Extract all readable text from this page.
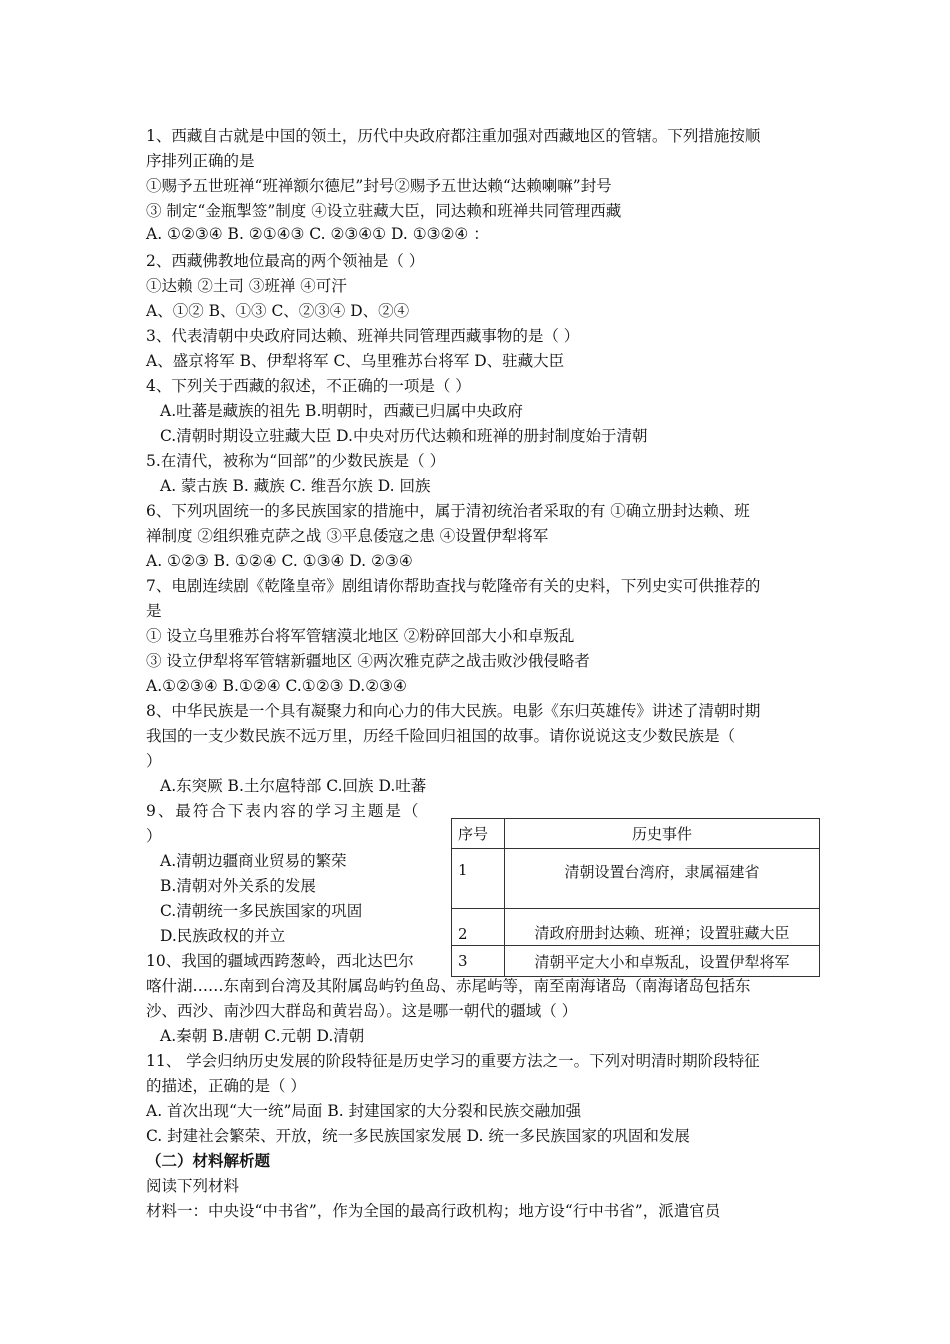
1、西藏自古就是中国的领土，历代中央政府都注重加强对西藏地区的管辖。下列措施按顺

序排列正确的是

①赐予五世班禅“班禅额尔德尼”封号②赐予五世达赖“达赖喇嘛”封号

③ 制定“金瓶掣签”制度 ④设立驻藏大臣，同达赖和班禅共同管理西藏

A. ①②③④ B. ②①④③ C. ②③④① D. ①③②④ ：

2、西藏佛教地位最高的两个领袖是（ ）

①达赖 ②土司 ③班禅 ④可汗

A、①② B、①③ C、②③④ D、②④

3、代表清朝中央政府同达赖、班禅共同管理西藏事物的是（ ）

A、盛京将军 B、伊犁将军 C、乌里雅苏台将军 D、驻藏大臣

4、下列关于西藏的叙述，不正确的一项是（ ）

A.吐蕃是藏族的祖先 B.明朝时，西藏已归属中央政府

C.清朝时期设立驻藏大臣 D.中央对历代达赖和班禅的册封制度始于清朝

5.在清代，被称为“回部”的少数民族是（ ）

A. 蒙古族 B. 藏族 C. 维吾尔族 D. 回族

6、下列巩固统一的多民族国家的措施中，属于清初统治者采取的有 ①确立册封达赖、班

禅制度 ②组织雅克萨之战 ③平息倭寇之患 ④设置伊犁将军

A. ①②③ B. ①②④ C. ①③④ D. ②③④

7、电剧连续剧《乾隆皇帝》剧组请你帮助查找与乾隆帝有关的史料，下列史实可供推荐的

是

① 设立乌里雅苏台将军管辖漠北地区 ②粉碎回部大小和卓叛乱

③ 设立伊犁将军管辖新疆地区 ④两次雅克萨之战击败沙俄侵略者

A.①②③④ B.①②④ C.①②③ D.②③④

8、中华民族是一个具有凝聚力和向心力的伟大民族。电影《东归英雄传》讲述了清朝时期

我国的一支少数民族不远万里，历经千险回归祖国的故事。请你说说这支少数民族是（

）

A.东突厥 B.土尔扈特部 C.回族 D.吐蕃

9、最符合下表内容的学习主题是（

）

A.清朝边疆商业贸易的繁荣

B.清朝对外关系的发展

C.清朝统一多民族国家的巩固

D.民族政权的并立

序号	历史事件
1	清朝设置台湾府，隶属福建省
2	清政府册封达赖、班禅；设置驻藏大臣
3	清朝平定大小和卓叛乱，设置伊犁将军

10、我国的疆域西跨葱岭，西北达巴尔

喀什湖……东南到台湾及其附属岛屿钓鱼岛、赤尾屿等，南至南海诸岛（南海诸岛包括东

沙、西沙、南沙四大群岛和黄岩岛）。这是哪一朝代的疆域（ ）

A.秦朝 B.唐朝 C.元朝 D.清朝

11、 学会归纳历史发展的阶段特征是历史学习的重要方法之一。下列对明清时期阶段特征

的描述，正确的是（ ）

A. 首次出现“大一统”局面 B. 封建国家的大分裂和民族交融加强

C. 封建社会繁荣、开放，统一多民族国家发展 D. 统一多民族国家的巩固和发展

（二）材料解析题

阅读下列材料

材料一：中央设“中书省”，作为全国的最高行政机构；地方设“行中书省”，派遣官员
